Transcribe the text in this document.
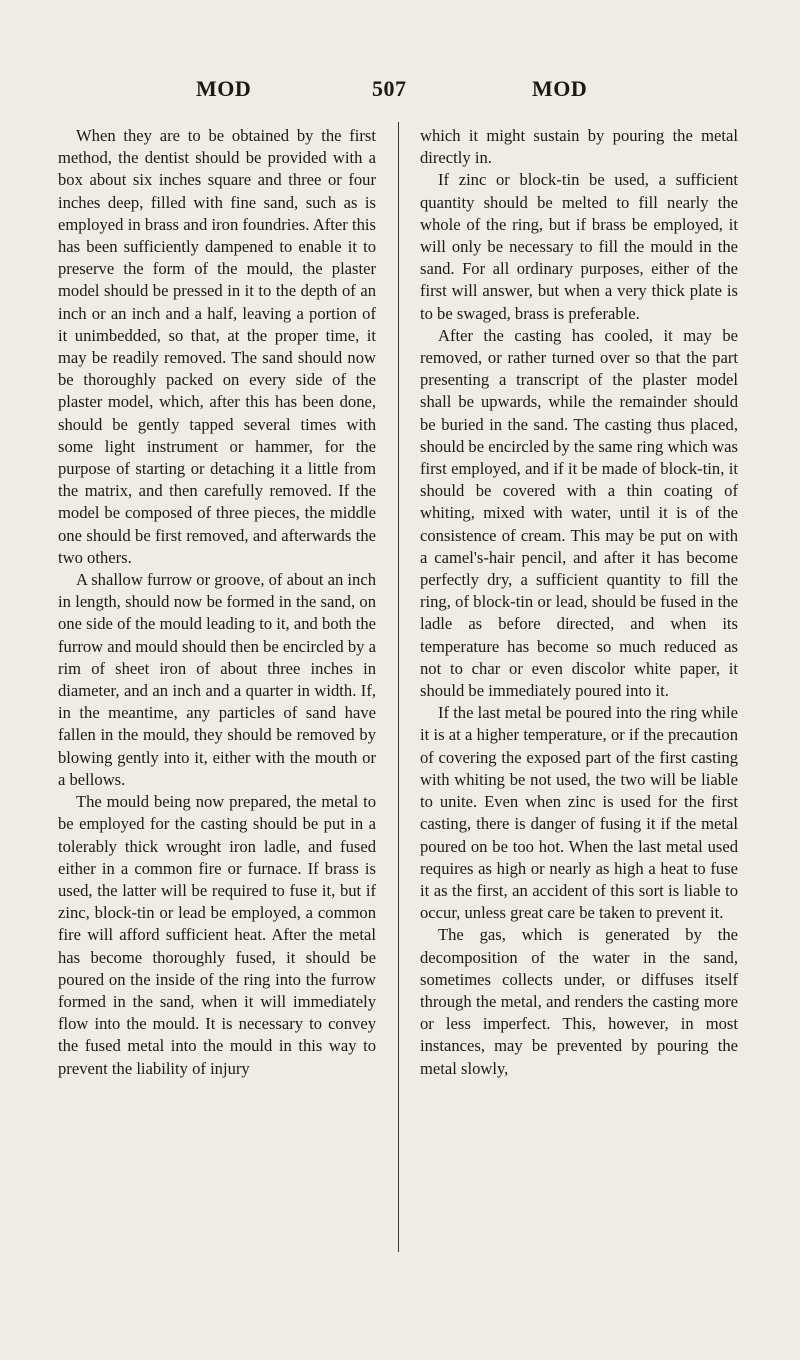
MOD	507	MOD

When they are to be obtained by the first method, the dentist should be provided with a box about six inches square and three or four inches deep, filled with fine sand, such as is employed in brass and iron foundries. After this has been sufficiently dampened to enable it to preserve the form of the mould, the plaster model should be pressed in it to the depth of an inch or an inch and a half, leaving a portion of it unimbedded, so that, at the proper time, it may be readily removed. The sand should now be thoroughly packed on every side of the plaster model, which, after this has been done, should be gently tapped several times with some light instrument or hammer, for the purpose of starting or detaching it a little from the matrix, and then carefully removed. If the model be composed of three pieces, the middle one should be first removed, and afterwards the two others.

A shallow furrow or groove, of about an inch in length, should now be formed in the sand, on one side of the mould leading to it, and both the furrow and mould should then be encircled by a rim of sheet iron of about three inches in diameter, and an inch and a quarter in width. If, in the meantime, any particles of sand have fallen in the mould, they should be removed by blowing gently into it, either with the mouth or a bellows.

The mould being now prepared, the metal to be employed for the casting should be put in a tolerably thick wrought iron ladle, and fused either in a common fire or furnace. If brass is used, the latter will be required to fuse it, but if zinc, block-tin or lead be employed, a common fire will afford sufficient heat. After the metal has become thoroughly fused, it should be poured on the inside of the ring into the furrow formed in the sand, when it will immediately flow into the mould. It is necessary to convey the fused metal into the mould in this way to prevent the liability of injury

which it might sustain by pouring the metal directly in.

If zinc or block-tin be used, a sufficient quantity should be melted to fill nearly the whole of the ring, but if brass be employed, it will only be necessary to fill the mould in the sand. For all ordinary purposes, either of the first will answer, but when a very thick plate is to be swaged, brass is preferable.

After the casting has cooled, it may be removed, or rather turned over so that the part presenting a transcript of the plaster model shall be upwards, while the remainder should be buried in the sand. The casting thus placed, should be encircled by the same ring which was first employed, and if it be made of block-tin, it should be covered with a thin coating of whiting, mixed with water, until it is of the consistence of cream. This may be put on with a camel's-hair pencil, and after it has become perfectly dry, a sufficient quantity to fill the ring, of block-tin or lead, should be fused in the ladle as before directed, and when its temperature has become so much reduced as not to char or even discolor white paper, it should be immediately poured into it.

If the last metal be poured into the ring while it is at a higher temperature, or if the precaution of covering the exposed part of the first casting with whiting be not used, the two will be liable to unite. Even when zinc is used for the first casting, there is danger of fusing it if the metal poured on be too hot. When the last metal used requires as high or nearly as high a heat to fuse it as the first, an accident of this sort is liable to occur, unless great care be taken to prevent it.

The gas, which is generated by the decomposition of the water in the sand, sometimes collects under, or diffuses itself through the metal, and renders the casting more or less imperfect. This, however, in most instances, may be prevented by pouring the metal slowly,
